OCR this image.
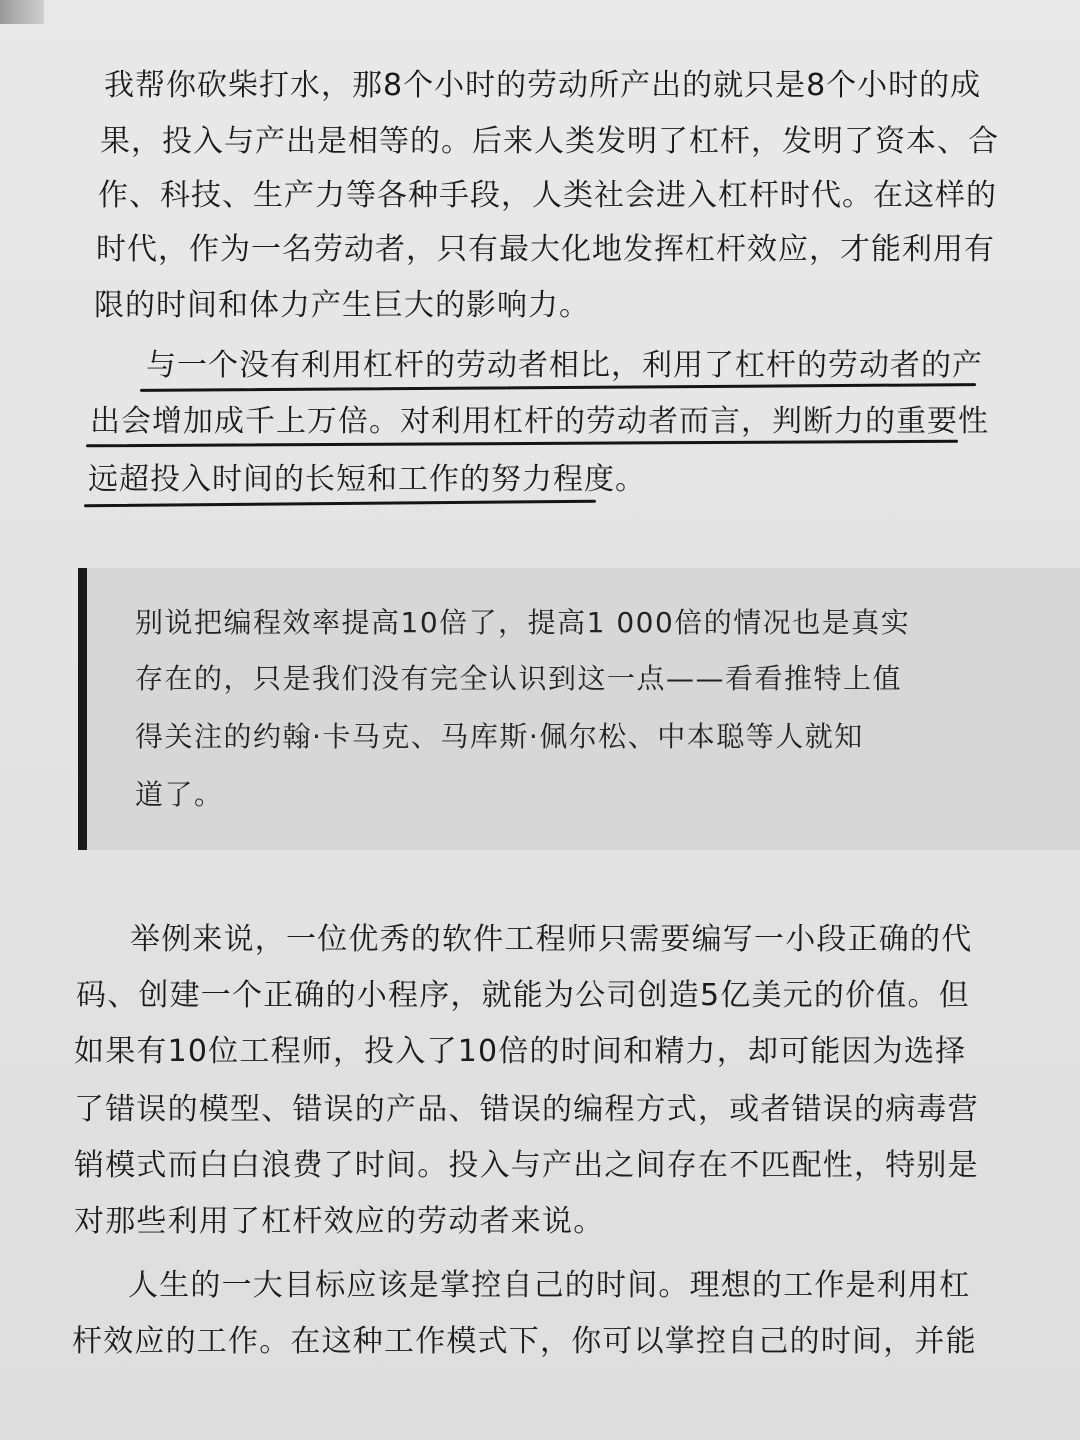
我帮你砍柴打水，那8个小时的劳动所产出的就只是8个小时的成
果，投入与产出是相等的。后来人类发明了杠杆，发明了资本、合
作、科技、生产力等各种手段，人类社会进入杠杆时代。在这样的
时代，作为一名劳动者，只有最大化地发挥杠杆效应，才能利用有
限的时间和体力产生巨大的影响力。
与一个没有利用杠杆的劳动者相比，利用了杠杆的劳动者的产
出会增加成千上万倍。对利用杠杆的劳动者而言，判断力的重要性
远超投入时间的长短和工作的努力程度。
别说把编程效率提高10倍了，提高1 000倍的情况也是真实
存在的，只是我们没有完全认识到这一点——看看推特上值
得关注的约翰·卡马克、马库斯·佩尔松、中本聪等人就知
道了。
举例来说，一位优秀的软件工程师只需要编写一小段正确的代
码、创建一个正确的小程序，就能为公司创造5亿美元的价值。但
如果有10位工程师，投入了10倍的时间和精力，却可能因为选择
了错误的模型、错误的产品、错误的编程方式，或者错误的病毒营
销模式而白白浪费了时间。投入与产出之间存在不匹配性，特别是
对那些利用了杠杆效应的劳动者来说。
人生的一大目标应该是掌控自己的时间。理想的工作是利用杠
杆效应的工作。在这种工作模式下，你可以掌控自己的时间，并能
